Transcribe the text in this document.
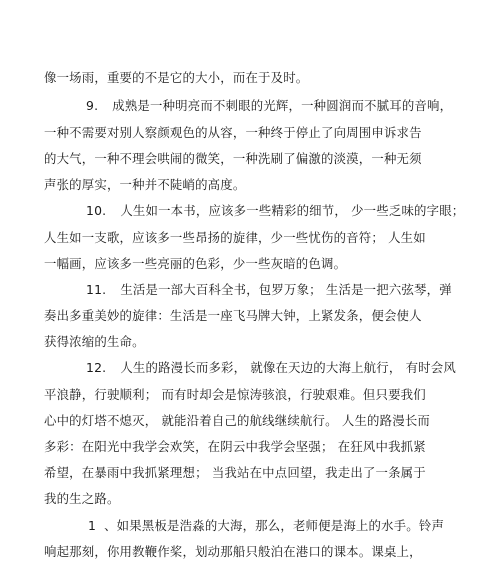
像一场雨，重要的不是它的大小，而在于及时。
9. 成熟是一种明亮而不刺眼的光辉，一种圆润而不腻耳的音响，
一种不需要对别人察颜观色的从容，一种终于停止了向周围申诉求告
的大气，一种不理会哄闹的微笑，一种洗刷了偏激的淡漠，一种无须
声张的厚实，一种并不陡峭的高度。
10. 人生如一本书，应该多一些精彩的细节， 少一些乏味的字眼；
人生如一支歌，应该多一些昂扬的旋律，少一些忧伤的音符； 人生如
一幅画，应该多一些亮丽的色彩，少一些灰暗的色调。
11. 生活是一部大百科全书，包罗万象； 生活是一把六弦琴，弹
奏出多重美妙的旋律：生活是一座飞马牌大钟，上紧发条，便会使人
获得浓缩的生命。
12. 人生的路漫长而多彩， 就像在天边的大海上航行， 有时会风
平浪静，行驶顺利； 而有时却会是惊涛骇浪，行驶艰难。但只要我们
心中的灯塔不熄灭， 就能沿着自己的航线继续航行。 人生的路漫长而
多彩：在阳光中我学会欢笑，在阴云中我学会坚强； 在狂风中我抓紧
希望，在暴雨中我抓紧理想； 当我站在中点回望，我走出了一条属于
我的生之路。
1 、如果黑板是浩淼的大海，那么，老师便是海上的水手。铃声
响起那刻，你用教鞭作桨，划动那船只般泊在港口的课本。课桌上，
